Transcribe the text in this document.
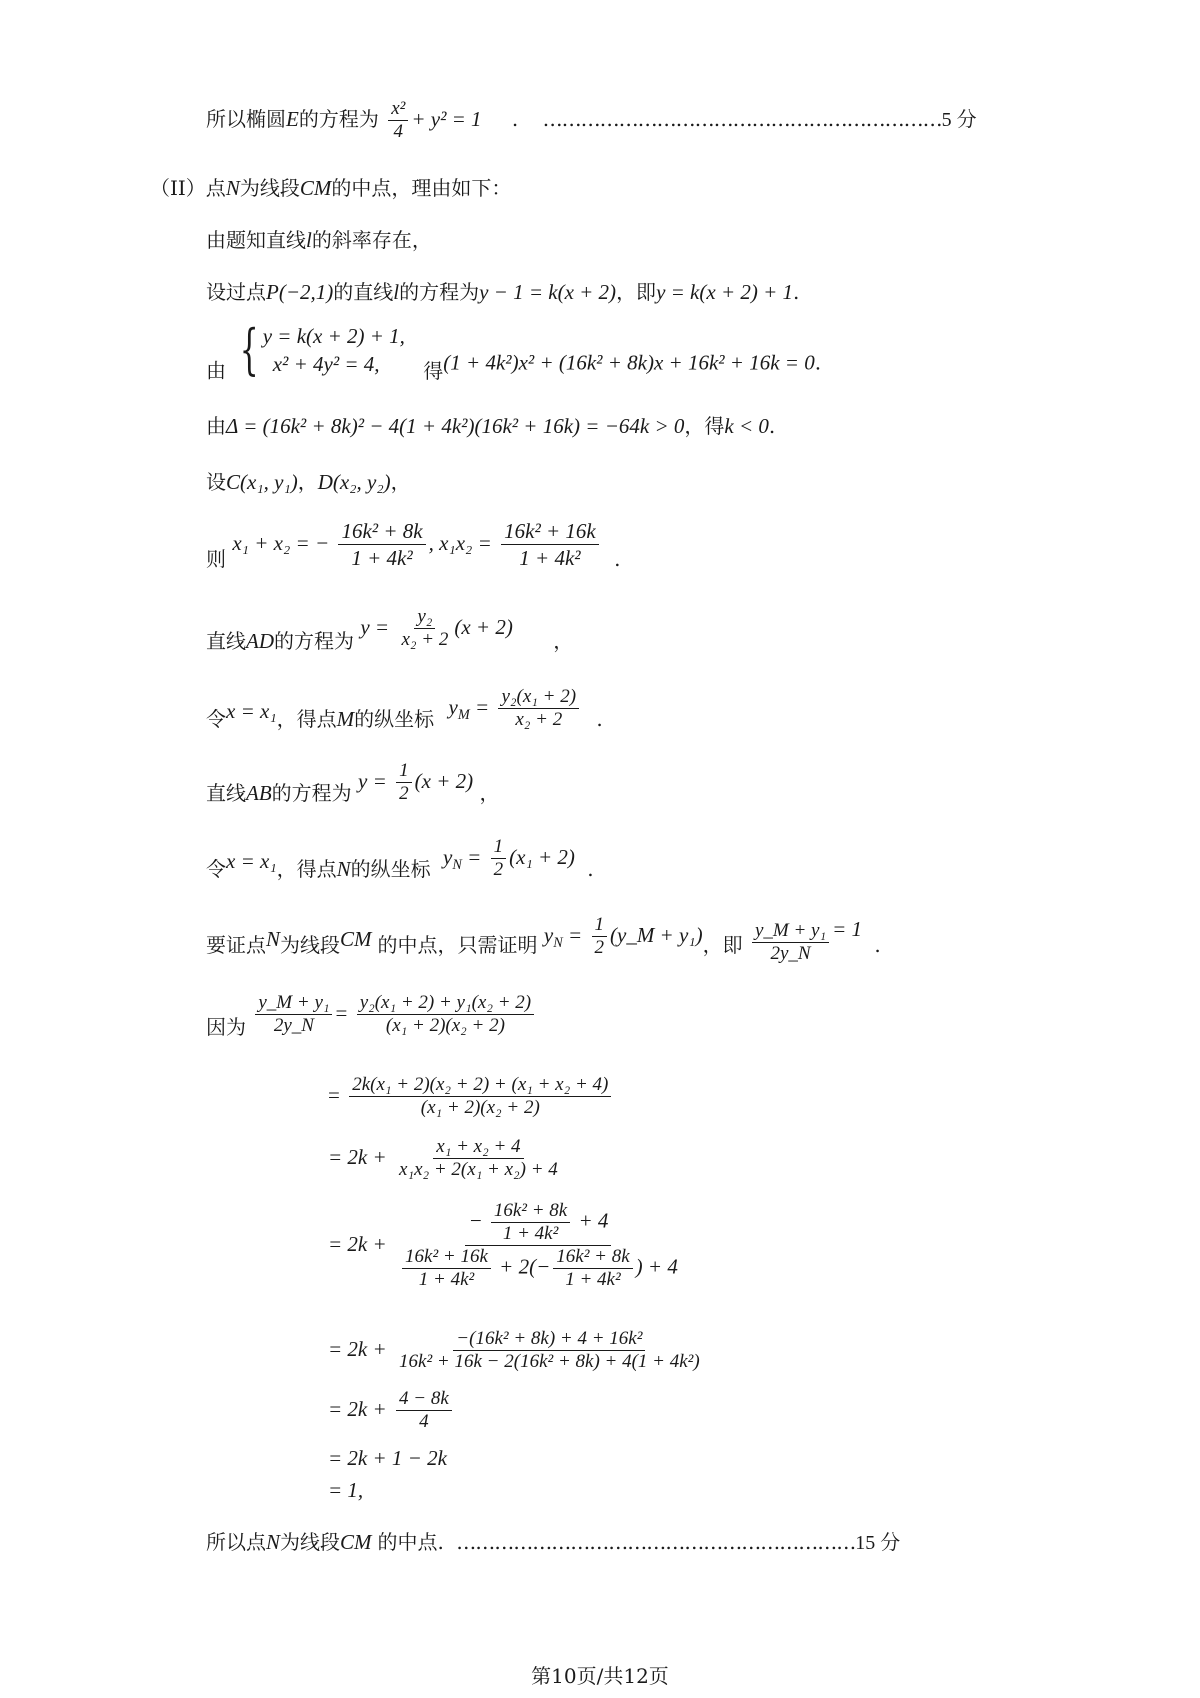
所以椭圆E的方程为 $\frac{\text{x²}}{4} + y^2 = 1$ . ………………………………………………………5 分
（II）点N为线段CM的中点，理由如下：
由题知直线l的斜率存在，
设过点P(−2,1)的直线l的方程为y − 1 = k(x + 2)，即y = k(x + 2) + 1.
由 { y = k(x + 2) + 1,
x² + 4y² = 4,	得(1 + 4k²)x² + (16k² + 8k)x + 16k² + 16k = 0.
由Δ = (16k² + 8k)² − 4(1 + 4k²)(16k² + 16k) = −64k > 0，得k < 0.
设C(x₁, y₁)，D(x₂, y₂)，
则 x₁ + x₂ = − $\frac{\text{16k² + 8k}}{\text{1 + 4k²}}$ , $x_1x_2 = \frac{\text{16k² + 16k}}{\text{1 + 4k²}}$ .
直线AD的方程为 $y = \frac{\text{y₂}}{\text{x₂ + 2}} (x + 2)$ ，
令x = x₁，得点M的纵坐标 $y_M = \frac{\text{y₂(x₁ + 2)}}{\text{x₂ + 2}}$ .
直线AB的方程为 $y = \frac{1}{2} (x + 2)$ ，
令x = x₁，得点N的纵坐标 $y_N = \frac{1}{2} (x_1 + 2)$ .
要证点N为线段CM 的中点，只需证明 $y_N = \frac{1}{2}$ (y_M + y₁)，即 $\frac{\text{y\_M + y₁}}{2y\_N} = 1$ .
因为 $\frac{\text{y\_M + y₁}}{2y\_N} = \frac{\text{y₂(x₁ + 2) + y₁(x₂ + 2)}}{\text{(x₁ + 2)(x₂ + 2)}}$
= $\frac{\text{2k(x₁ + 2)(x₂ + 2) + (x₁ + x₂ + 4)}}{\text{(x₁ + 2)(x₂ + 2)}}$
= $2k + \frac{\text{x₁ + x₂ + 4}}{\text{x₁x₂ + 2(x₁ + x₂) + 4}}$
= $2k + \frac{- \frac{\text{16k² + 8k}}{\text{1 + 4k²}} + 4}{\frac{\text{16k² + 16k}}{\text{1 + 4k²}} + 2(- \frac{\text{16k² + 8k}}{\text{1 + 4k²}} ) + 4}$
= $2k + \frac{\text{−(16k² + 8k) + 4 + 16k²}}{\text{16k² + 16k − 2(16k² + 8k) + 4(1 + 4k²)}}$
= $2k + \frac{4 - 8k}{4}$
= 2k + 1 − 2k
= 1,
所以点N为线段CM 的中点. ………………………………………………………15 分
第10页/共12页
